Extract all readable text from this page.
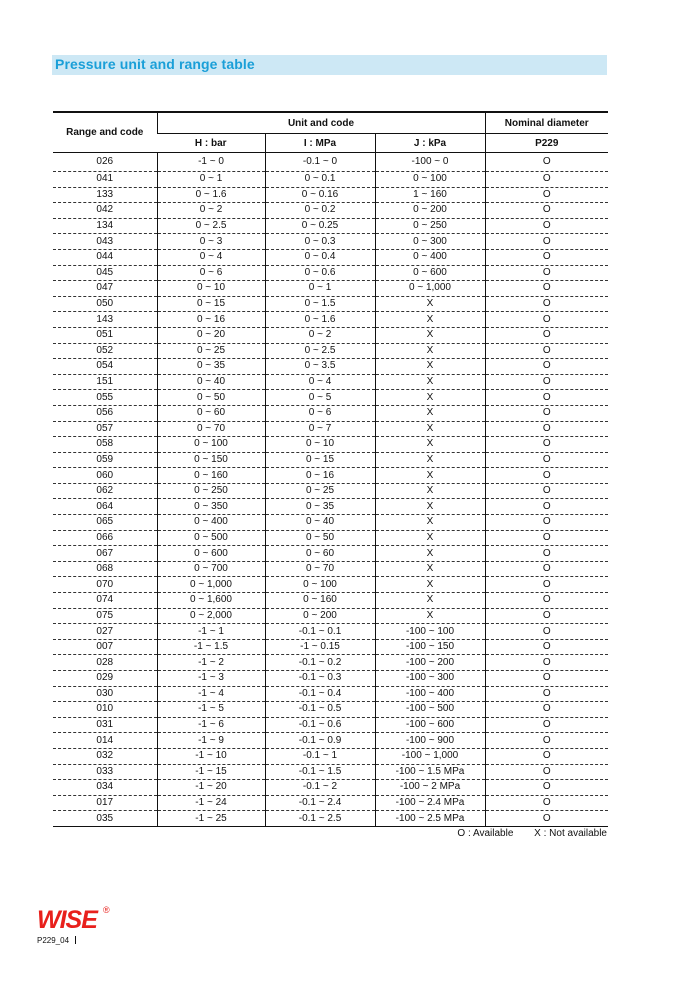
Pressure unit and range table
Range and code	Unit and code			Nominal diameter
	H : bar	I : MPa	J : kPa	P229
026	-1 ~ 0	-0.1 ~ 0	-100 ~ 0	O
041	0 ~ 1	0 ~ 0.1	0 ~ 100	O
133	0 ~ 1.6	0 ~ 0.16	1 ~ 160	O
042	0 ~ 2	0 ~ 0.2	0 ~ 200	O
134	0 ~ 2.5	0 ~ 0.25	0 ~ 250	O
043	0 ~ 3	0 ~ 0.3	0 ~ 300	O
044	0 ~ 4	0 ~ 0.4	0 ~ 400	O
045	0 ~ 6	0 ~ 0.6	0 ~ 600	O
047	0 ~ 10	0 ~ 1	0 ~ 1,000	O
050	0 ~ 15	0 ~ 1.5	X	O
143	0 ~ 16	0 ~ 1.6	X	O
051	0 ~ 20	0 ~ 2	X	O
052	0 ~ 25	0 ~ 2.5	X	O
054	0 ~ 35	0 ~ 3.5	X	O
151	0 ~ 40	0 ~ 4	X	O
055	0 ~ 50	0 ~ 5	X	O
056	0 ~ 60	0 ~ 6	X	O
057	0 ~ 70	0 ~ 7	X	O
058	0 ~ 100	0 ~ 10	X	O
059	0 ~ 150	0 ~ 15	X	O
060	0 ~ 160	0 ~ 16	X	O
062	0 ~ 250	0 ~ 25	X	O
064	0 ~ 350	0 ~ 35	X	O
065	0 ~ 400	0 ~ 40	X	O
066	0 ~ 500	0 ~ 50	X	O
067	0 ~ 600	0 ~ 60	X	O
068	0 ~ 700	0 ~ 70	X	O
070	0 ~ 1,000	0 ~ 100	X	O
074	0 ~ 1,600	0 ~ 160	X	O
075	0 ~ 2,000	0 ~ 200	X	O
027	-1 ~ 1	-0.1 ~ 0.1	-100 ~ 100	O
007	-1 ~ 1.5	-1 ~ 0.15	-100 ~ 150	O
028	-1 ~ 2	-0.1 ~ 0.2	-100 ~ 200	O
029	-1 ~ 3	-0.1 ~ 0.3	-100 ~ 300	O
030	-1 ~ 4	-0.1 ~ 0.4	-100 ~ 400	O
010	-1 ~ 5	-0.1 ~ 0.5	-100 ~ 500	O
031	-1 ~ 6	-0.1 ~ 0.6	-100 ~ 600	O
014	-1 ~ 9	-0.1 ~ 0.9	-100 ~ 900	O
032	-1 ~ 10	-0.1 ~ 1	-100 ~ 1,000	O
033	-1 ~ 15	-0.1 ~ 1.5	-100 ~ 1.5 MPa	O
034	-1 ~ 20	-0.1 ~ 2	-100 ~ 2 MPa	O
017	-1 ~ 24	-0.1 ~ 2.4	-100 ~ 2.4 MPa	O
035	-1 ~ 25	-0.1 ~ 2.5	-100 ~ 2.5 MPa	O
O : Available X : Not available
WISE ®
P229_04
